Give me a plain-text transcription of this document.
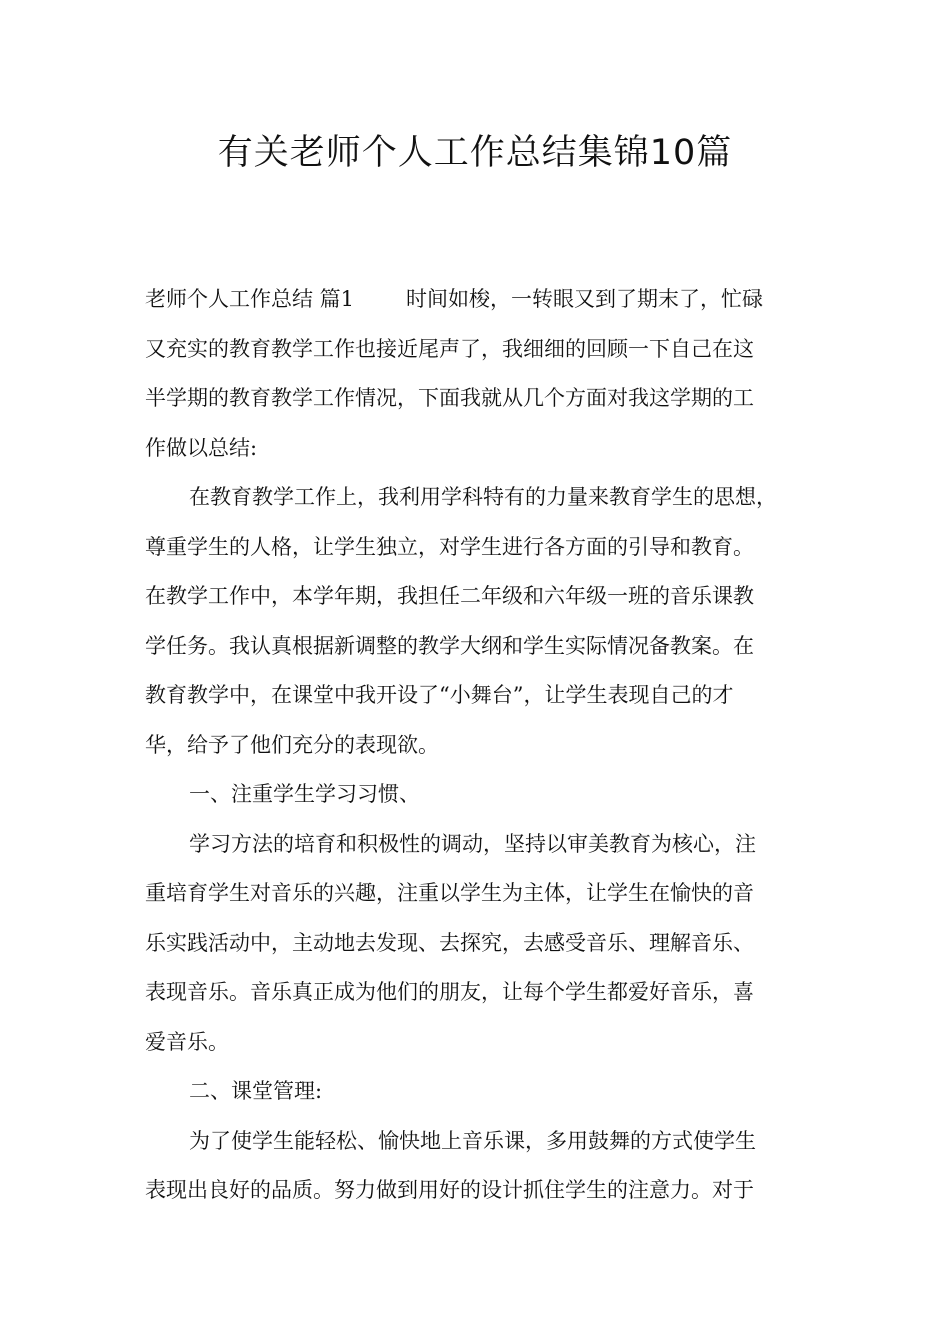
有关老师个人工作总结集锦10篇
老师个人工作总结 篇1 时间如梭，一转眼又到了期末了，忙碌
又充实的教育教学工作也接近尾声了，我细细的回顾一下自己在这
半学期的教育教学工作情况，下面我就从几个方面对我这学期的工
作做以总结:
在教育教学工作上，我利用学科特有的力量来教育学生的思想，
尊重学生的人格，让学生独立，对学生进行各方面的引导和教育。
在教学工作中，本学年期，我担任二年级和六年级一班的音乐课教
学任务。我认真根据新调整的教学大纲和学生实际情况备教案。在
教育教学中，在课堂中我开设了“小舞台”，让学生表现自己的才
华，给予了他们充分的表现欲。
一、注重学生学习习惯、
学习方法的培育和积极性的调动，坚持以审美教育为核心，注
重培育学生对音乐的兴趣，注重以学生为主体，让学生在愉快的音
乐实践活动中，主动地去发现、去探究，去感受音乐、理解音乐、
表现音乐。音乐真正成为他们的朋友，让每个学生都爱好音乐，喜
爱音乐。
二、课堂管理:
为了使学生能轻松、愉快地上音乐课，多用鼓舞的方式使学生
表现出良好的品质。努力做到用好的设计抓住学生的注意力。对于
